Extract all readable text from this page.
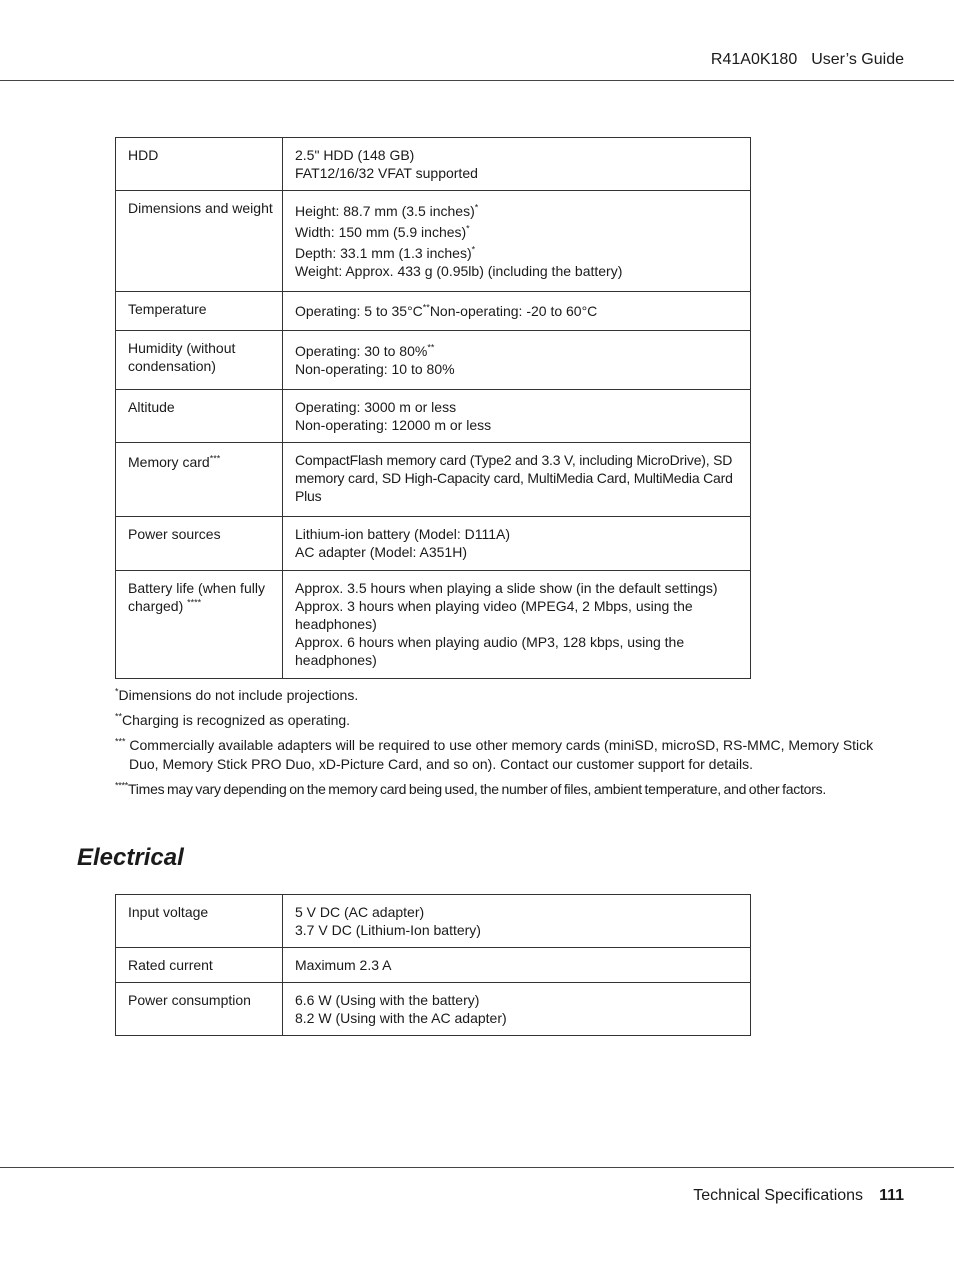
R41A0K180 User’s Guide
HDD	2.5" HDD (148 GB)
FAT12/16/32 VFAT supported

Dimensions and weight	Height: 88.7 mm (3.5 inches)*
Width: 150 mm (5.9 inches)*
Depth: 33.1 mm (1.3 inches)*
Weight: Approx. 433 g (0.95lb) (including the battery)

Temperature	Operating: 5 to 35°C**Non-operating: -20 to 60°C
Humidity (without condensation)	Operating: 30 to 80%**
Non-operating: 10 to 80%

Altitude	Operating: 3000 m or less
Non-operating: 12000 m or less

Memory card***	CompactFlash memory card (Type2 and 3.3 V, including MicroDrive), SD memory card, SD High-Capacity card, MultiMedia Card, MultiMedia Card Plus
Power sources	Lithium-ion battery (Model: D111A)
AC adapter (Model: A351H)

Battery life (when fully charged) ****	Approx. 3.5 hours when playing a slide show (in the default settings)
Approx. 3 hours when playing video (MPEG4, 2 Mbps, using the headphones)
Approx. 6 hours when playing audio (MP3, 128 kbps, using the headphones)

*Dimensions do not include projections.

**Charging is recognized as operating.

*** Commercially available adapters will be required to use other memory cards (miniSD, microSD, RS-MMC, Memory Stick Duo, Memory Stick PRO Duo, xD-Picture Card, and so on). Contact our customer support for details.

****Times may vary depending on the memory card being used, the number of files, ambient temperature, and other factors.

Electrical
Input voltage	5 V DC (AC adapter)
3.7 V DC (Lithium-Ion battery)

Rated current	Maximum 2.3 A
Power consumption	6.6 W (Using with the battery)
8.2 W (Using with the AC adapter)
Technical Specifications 111
